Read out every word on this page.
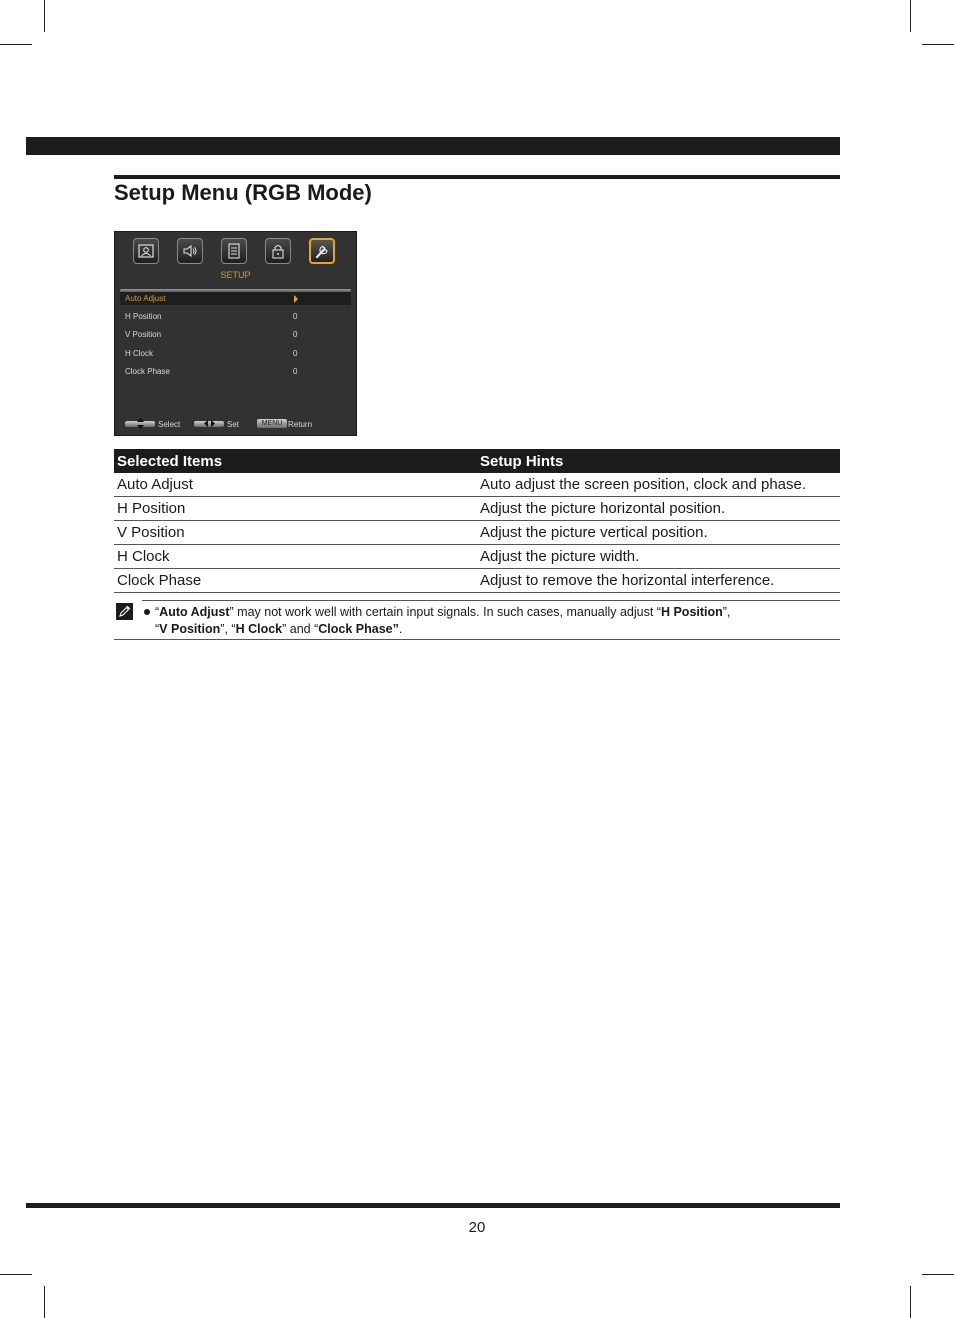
Setup Menu (RGB Mode)
SETUP
Auto Adjust
H Position	0
V Position	0
H Clock	0
Clock Phase	0
Select	Set	MENU Return
Selected Items	Setup Hints
Auto Adjust	Auto adjust the screen position, clock and phase.
H Position	Adjust the picture horizontal position.
V Position	Adjust the picture vertical position.
H Clock	Adjust the picture width.
Clock Phase	Adjust to remove the horizontal interference.
“Auto Adjust” may not work well with certain input signals. In such cases, manually adjust “H Position”,
“V Position”, “H Clock” and “Clock Phase”.
20
